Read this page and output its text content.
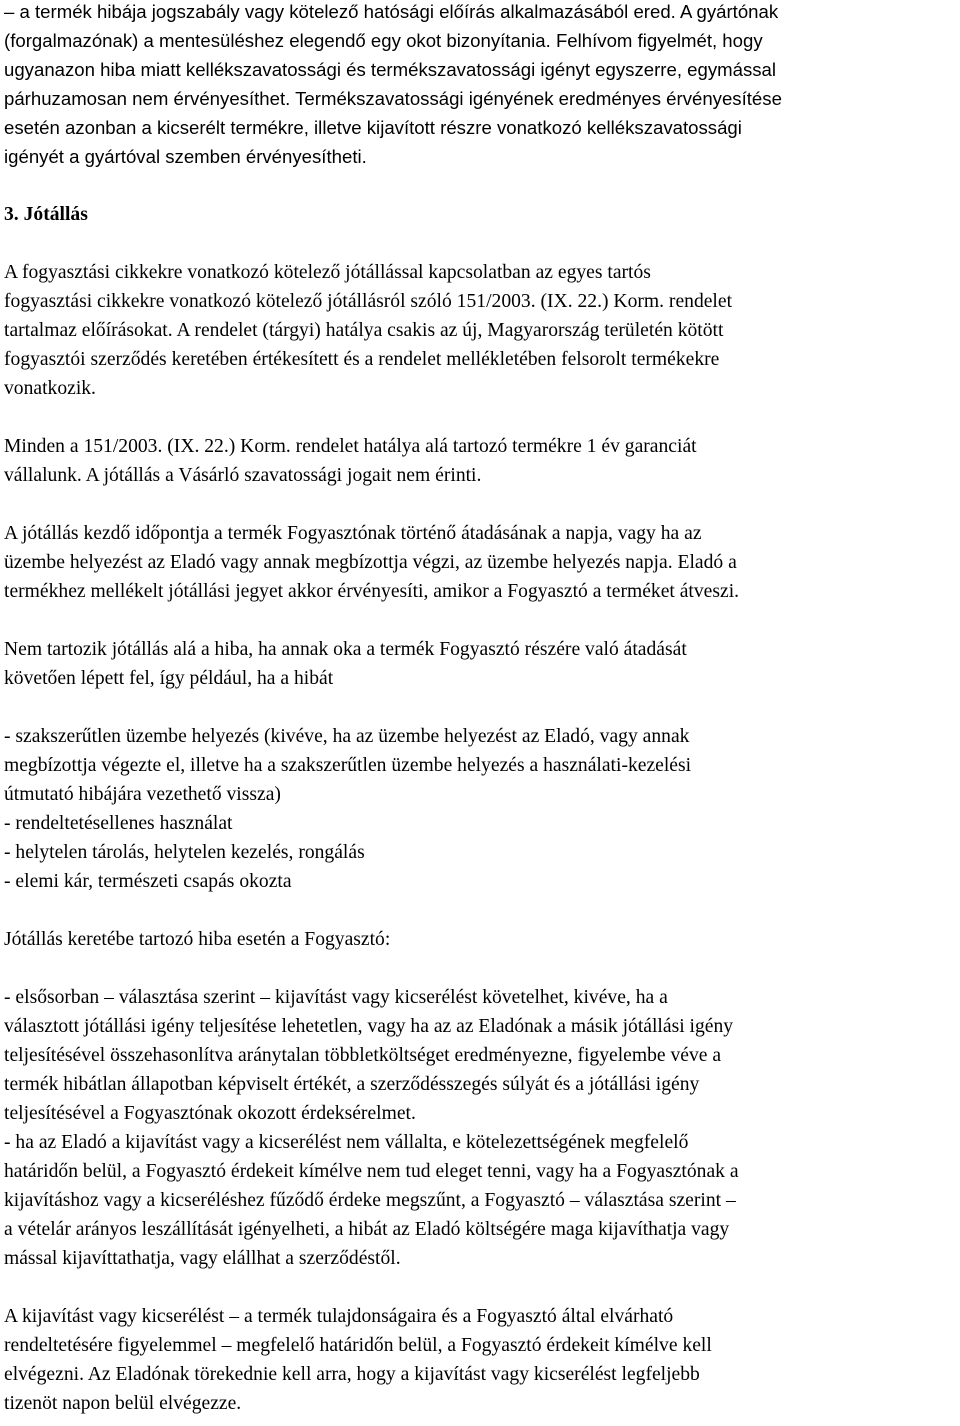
– a termék hibája jogszabály vagy kötelező hatósági előírás alkalmazásából ered. A gyártónak

(forgalmazónak) a mentesüléshez elegendő egy okot bizonyítania. Felhívom figyelmét, hogy

ugyanazon hiba miatt kellékszavatossági és termékszavatossági igényt egyszerre, egymással

párhuzamosan nem érvényesíthet. Termékszavatossági igényének eredményes érvényesítése

esetén azonban a kicserélt termékre, illetve kijavított részre vonatkozó kellékszavatossági

igényét a gyártóval szemben érvényesítheti.

3. Jótállás

A fogyasztási cikkekre vonatkozó kötelező jótállással kapcsolatban az egyes tartós

fogyasztási cikkekre vonatkozó kötelező jótállásról szóló 151/2003. (IX. 22.) Korm. rendelet

tartalmaz előírásokat. A rendelet (tárgyi) hatálya csakis az új, Magyarország területén kötött

fogyasztói szerződés keretében értékesített és a rendelet mellékletében felsorolt termékekre

vonatkozik.

Minden a 151/2003. (IX. 22.) Korm. rendelet hatálya alá tartozó termékre 1 év garanciát

vállalunk. A jótállás a Vásárló szavatossági jogait nem érinti.

A jótállás kezdő időpontja a termék Fogyasztónak történő átadásának a napja, vagy ha az

üzembe helyezést az Eladó vagy annak megbízottja végzi, az üzembe helyezés napja. Eladó a

termékhez mellékelt jótállási jegyet akkor érvényesíti, amikor a Fogyasztó a terméket átveszi.

Nem tartozik jótállás alá a hiba, ha annak oka a termék Fogyasztó részére való átadását

követően lépett fel, így például, ha a hibát

- szakszerűtlen üzembe helyezés (kivéve, ha az üzembe helyezést az Eladó, vagy annak

megbízottja végezte el, illetve ha a szakszerűtlen üzembe helyezés a használati-kezelési

útmutató hibájára vezethető vissza)

- rendeltetésellenes használat

- helytelen tárolás, helytelen kezelés, rongálás

- elemi kár, természeti csapás okozta

Jótállás keretébe tartozó hiba esetén a Fogyasztó:

- elsősorban – választása szerint – kijavítást vagy kicserélést követelhet, kivéve, ha a

választott jótállási igény teljesítése lehetetlen, vagy ha az az Eladónak a másik jótállási igény

teljesítésével összehasonlítva aránytalan többletköltséget eredményezne, figyelembe véve a

termék hibátlan állapotban képviselt értékét, a szerződésszegés súlyát és a jótállási igény

teljesítésével a Fogyasztónak okozott érdeksérelmet.

- ha az Eladó a kijavítást vagy a kicserélést nem vállalta, e kötelezettségének megfelelő

határidőn belül, a Fogyasztó érdekeit kímélve nem tud eleget tenni, vagy ha a Fogyasztónak a

kijavításhoz vagy a kicseréléshez fűződő érdeke megszűnt, a Fogyasztó – választása szerint –

a vételár arányos leszállítását igényelheti, a hibát az Eladó költségére maga kijavíthatja vagy

mással kijavíttathatja, vagy elállhat a szerződéstől.

A kijavítást vagy kicserélést – a termék tulajdonságaira és a Fogyasztó által elvárható

rendeltetésére figyelemmel – megfelelő határidőn belül, a Fogyasztó érdekeit kímélve kell

elvégezni. Az Eladónak törekednie kell arra, hogy a kijavítást vagy kicserélést legfeljebb

tizenöt napon belül elvégezze.
